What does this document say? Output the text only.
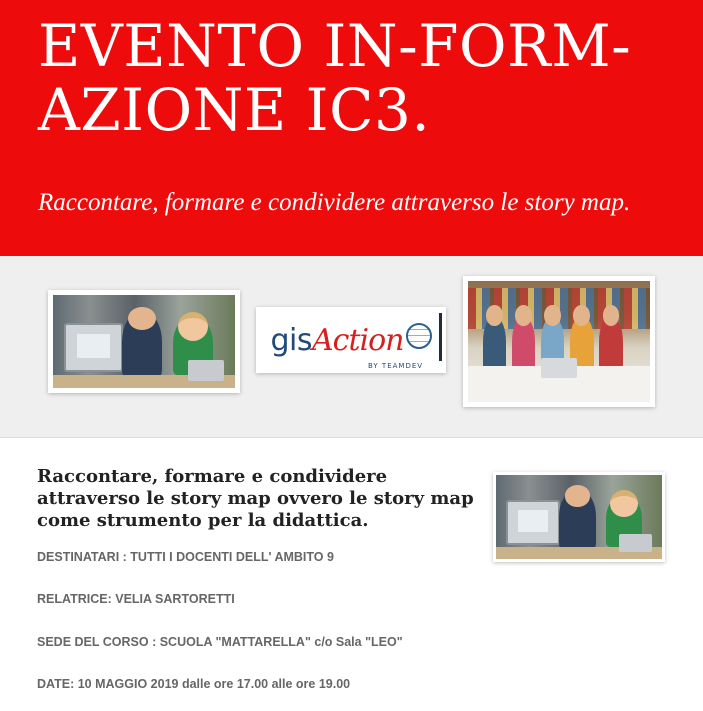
EVENTO IN-FORM-
AZIONE IC3.

Raccontare, formare e condividere attraverso le story map.

gis Action
BY TEAMDEV
Raccontare, formare e condividere attraverso le story map ovvero le story map come strumento per la didattica.

DESTINATARI : TUTTI I DOCENTI DELL' AMBITO 9

RELATRICE: VELIA SARTORETTI

SEDE DEL CORSO : SCUOLA "MATTARELLA" c/o Sala "LEO"

DATE: 10 MAGGIO 2019 dalle ore 17.00 alle ore 19.00
